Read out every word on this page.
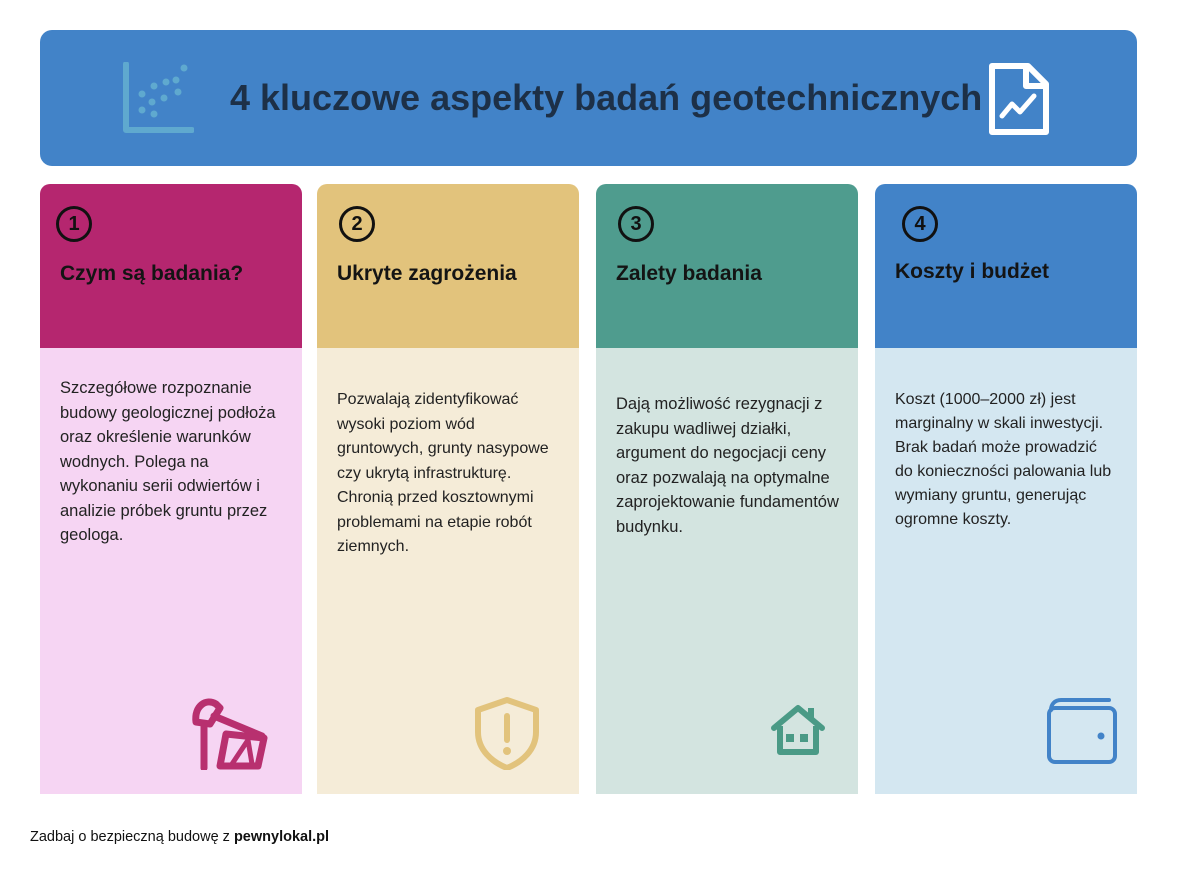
4 kluczowe aspekty badań geotechnicznych
1
Czym są badania?
Szczegółowe rozpoznanie budowy geologicznej podłoża oraz określenie warunków wodnych. Polega na wykonaniu serii odwiertów i analizie próbek gruntu przez geologa.
2
Ukryte zagrożenia
Pozwalają zidentyfikować wysoki poziom wód gruntowych, grunty nasypowe czy ukrytą infrastrukturę. Chronią przed kosztownymi problemami na etapie robót ziemnych.
3
Zalety badania
Dają możliwość rezygnacji z zakupu wadliwej działki, argument do negocjacji ceny oraz pozwalają na optymalne zaprojektowanie fundamentów budynku.
4
Koszty i budżet
Koszt (1000–2000 zł) jest marginalny w skali inwestycji. Brak badań może prowadzić do konieczności palowania lub wymiany gruntu, generując ogromne koszty.
Zadbaj o bezpieczną budowę z pewnylokal.pl
